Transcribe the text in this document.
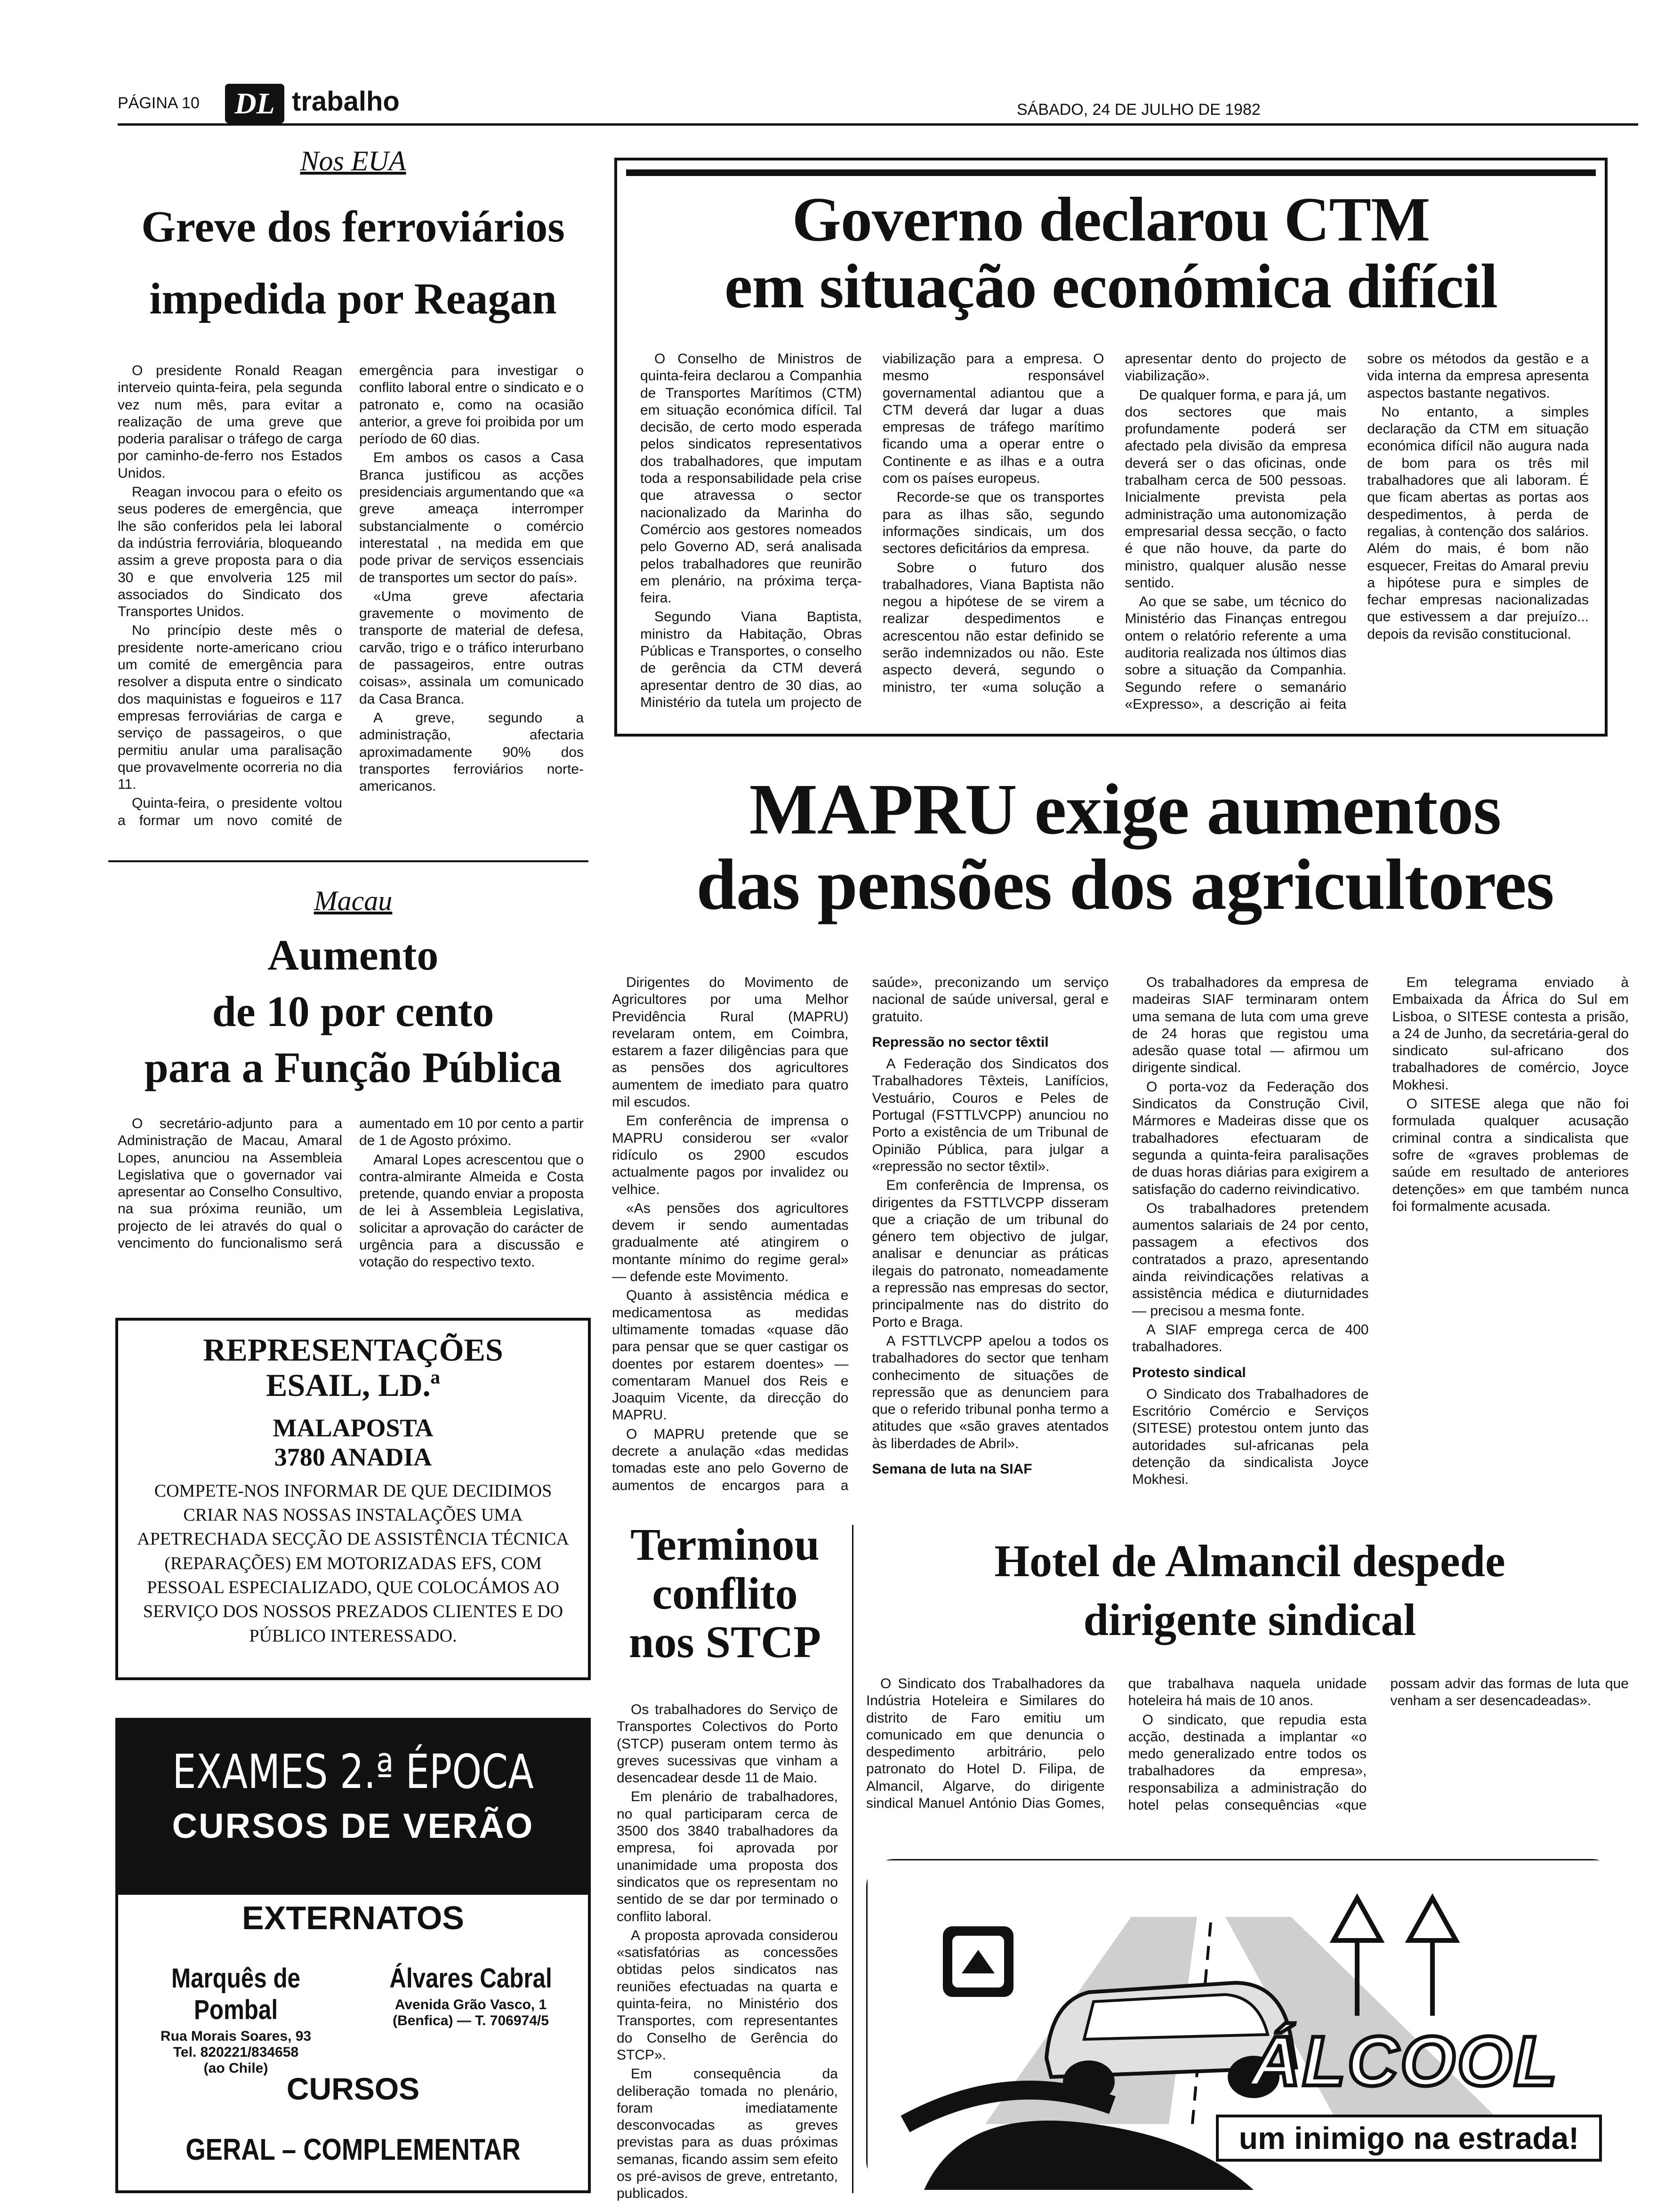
PÁGINA 10	DL trabalho	SÁBADO, 24 DE JULHO DE 1982
Nos EUA
Greve dos ferroviários
impedida por Reagan

O presidente Ronald Reagan interveio quinta-feira, pela segunda vez num mês, para evitar a realização de uma greve que poderia paralisar o tráfego de carga por caminho-de-ferro nos Estados Unidos.

Reagan invocou para o efeito os seus poderes de emergência, que lhe são conferidos pela lei laboral da indústria ferroviária, bloqueando assim a greve proposta para o dia 30 e que envolveria 125 mil associados do Sindicato dos Transportes Unidos.

No princípio deste mês o presidente norte-americano criou um comité de emergência para resolver a disputa entre o sindicato dos maquinistas e fogueiros e 117 empresas ferroviárias de carga e serviço de passageiros, o que permitiu anular uma paralisação que provavelmente ocorreria no dia 11.

Quinta-feira, o presidente voltou a formar um novo comité de emergência para investigar o conflito laboral entre o sindicato e o patronato e, como na ocasião anterior, a greve foi proibida por um período de 60 dias.

Em ambos os casos a Casa Branca justificou as acções presidenciais argumentando que «a greve ameaça interromper substancialmente o comércio interestatal , na medida em que pode privar de serviços essenciais de transportes um sector do país».

«Uma greve afectaria gravemente o movimento de transporte de material de defesa, carvão, trigo e o tráfico interurbano de passageiros, entre outras coisas», assinala um comunicado da Casa Branca.

A greve, segundo a administração, afectaria aproximadamente 90% dos transportes ferroviários norte-americanos.

Governo declarou CTM
em situação económica difícil

O Conselho de Ministros de quinta-feira declarou a Companhia de Transportes Marítimos (CTM) em situação económica difícil. Tal decisão, de certo modo esperada pelos sindicatos representativos dos trabalhadores, que imputam toda a responsabilidade pela crise que atravessa o sector nacionalizado da Marinha do Comércio aos gestores nomeados pelo Governo AD, será analisada pelos trabalhadores que reunirão em plenário, na próxima terça-feira.

Segundo Viana Baptista, ministro da Habitação, Obras Públicas e Transportes, o conselho de gerência da CTM deverá apresentar dentro de 30 dias, ao Ministério da tutela um projecto de viabilização para a empresa. O mesmo responsável governamental adiantou que a CTM deverá dar lugar a duas empresas de tráfego marítimo ficando uma a operar entre o Continente e as ilhas e a outra com os países europeus.

Recorde-se que os transportes para as ilhas são, segundo informações sindicais, um dos sectores deficitários da empresa.

Sobre o futuro dos trabalhadores, Viana Baptista não negou a hipótese de se virem a realizar despedimentos e acrescentou não estar definido se serão indemnizados ou não. Este aspecto deverá, segundo o ministro, ter «uma solução a apresentar dento do projecto de viabilização».

De qualquer forma, e para já, um dos sectores que mais profundamente poderá ser afectado pela divisão da empresa deverá ser o das oficinas, onde trabalham cerca de 500 pessoas. Inicialmente prevista pela administração uma autonomização empresarial dessa secção, o facto é que não houve, da parte do ministro, qualquer alusão nesse sentido.

Ao que se sabe, um técnico do Ministério das Finanças entregou ontem o relatório referente a uma auditoria realizada nos últimos dias sobre a situação da Companhia. Segundo refere o semanário «Expresso», a descrição ai feita sobre os métodos da gestão e a vida interna da empresa apresenta aspectos bastante negativos.

No entanto, a simples declaração da CTM em situação económica difícil não augura nada de bom para os três mil trabalhadores que ali laboram. É que ficam abertas as portas aos despedimentos, à perda de regalias, à contenção dos salários. Além do mais, é bom não esquecer, Freitas do Amaral previu a hipótese pura e simples de fechar empresas nacionalizadas que estivessem a dar prejuízo... depois da revisão constitucional.

Macau
Aumento
de 10 por cento
para a Função Pública

O secretário-adjunto para a Administração de Macau, Amaral Lopes, anunciou na Assembleia Legislativa que o governador vai apresentar ao Conselho Consultivo, na sua próxima reunião, um projecto de lei através do qual o vencimento do funcionalismo será aumentado em 10 por cento a partir de 1 de Agosto próximo.

Amaral Lopes acrescentou que o contra-almirante Almeida e Costa pretende, quando enviar a proposta de lei à Assembleia Legislativa, solicitar a aprovação do carácter de urgência para a discussão e votação do respectivo texto.

REPRESENTAÇÕES
ESAIL, LD.ª
MALAPOSTA
3780 ANADIA
COMPETE-NOS INFORMAR DE QUE DECIDIMOS CRIAR NAS NOSSAS INSTALAÇÕES UMA APETRECHADA SECÇÃO DE ASSISTÊNCIA TÉCNICA (REPARAÇÕES) EM MOTORIZADAS EFS, COM PESSOAL ESPECIALIZADO, QUE COLOCÁMOS AO SERVIÇO DOS NOSSOS PREZADOS CLIENTES E DO PÚBLICO INTERESSADO.
EXAMES 2.ª ÉPOCA
CURSOS DE VERÃO
EXTERNATOS
Marquês de Pombal
Rua Morais Soares, 93
Tel. 820221/834658
(ao Chile)
Álvares Cabral
Avenida Grão Vasco, 1
(Benfica) — T. 706974/5
CURSOS
GERAL – COMPLEMENTAR
MAPRU exige aumentos
das pensões dos agricultores

Dirigentes do Movimento de Agricultores por uma Melhor Previdência Rural (MAPRU) revelaram ontem, em Coimbra, estarem a fazer diligências para que as pensões dos agricultores aumentem de imediato para quatro mil escudos.

Em conferência de imprensa o MAPRU considerou ser «valor ridículo os 2900 escudos actualmente pagos por invalidez ou velhice.

«As pensões dos agricultores devem ir sendo aumentadas gradualmente até atingirem o montante mínimo do regime geral» — defende este Movimento.

Quanto à assistência médica e medicamentosa as medidas ultimamente tomadas «quase dão para pensar que se quer castigar os doentes por estarem doentes» — comentaram Manuel dos Reis e Joaquim Vicente, da direcção do MAPRU.

O MAPRU pretende que se decrete a anulação «das medidas tomadas este ano pelo Governo de aumentos de encargos para a saúde», preconizando um serviço nacional de saúde universal, geral e gratuito.

Repressão no sector têxtil

A Federação dos Sindicatos dos Trabalhadores Têxteis, Lanifícios, Vestuário, Couros e Peles de Portugal (FSTTLVCPP) anunciou no Porto a existência de um Tribunal de Opinião Pública, para julgar a «repressão no sector têxtil».

Em conferência de Imprensa, os dirigentes da FSTTLVCPP disseram que a criação de um tribunal do género tem objectivo de julgar, analisar e denunciar as práticas ilegais do patronato, nomeadamente a repressão nas empresas do sector, principalmente nas do distrito do Porto e Braga.

A FSTTLVCPP apelou a todos os trabalhadores do sector que tenham conhecimento de situações de repressão que as denunciem para que o referido tribunal ponha termo a atitudes que «são graves atentados às liberdades de Abril».

Semana de luta na SIAF

Os trabalhadores da empresa de madeiras SIAF terminaram ontem uma semana de luta com uma greve de 24 horas que registou uma adesão quase total — afirmou um dirigente sindical.

O porta-voz da Federação dos Sindicatos da Construção Civil, Mármores e Madeiras disse que os trabalhadores efectuaram de segunda a quinta-feira paralisações de duas horas diárias para exigirem a satisfação do caderno reivindicativo.

Os trabalhadores pretendem aumentos salariais de 24 por cento, passagem a efectivos dos contratados a prazo, apresentando ainda reivindicações relativas a assistência médica e diuturnidades — precisou a mesma fonte.

A SIAF emprega cerca de 400 trabalhadores.

Protesto sindical

O Sindicato dos Trabalhadores de Escritório Comércio e Serviços (SITESE) protestou ontem junto das autoridades sul-africanas pela detenção da sindicalista Joyce Mokhesi.

Em telegrama enviado à Embaixada da África do Sul em Lisboa, o SITESE contesta a prisão, a 24 de Junho, da secretária-geral do sindicato sul-africano dos trabalhadores de comércio, Joyce Mokhesi.

O SITESE alega que não foi formulada qualquer acusação criminal contra a sindicalista que sofre de «graves problemas de saúde em resultado de anteriores detenções» em que também nunca foi formalmente acusada.

Terminou
conflito
nos STCP

Os trabalhadores do Serviço de Transportes Colectivos do Porto (STCP) puseram ontem termo às greves sucessivas que vinham a desencadear desde 11 de Maio.

Em plenário de trabalhadores, no qual participaram cerca de 3500 dos 3840 trabalhadores da empresa, foi aprovada por unanimidade uma proposta dos sindicatos que os representam no sentido de se dar por terminado o conflito laboral.

A proposta aprovada considerou «satisfatórias as concessões obtidas pelos sindicatos nas reuniões efectuadas na quarta e quinta-feira, no Ministério dos Transportes, com representantes do Conselho de Gerência do STCP».

Em consequência da deliberação tomada no plenário, foram imediatamente desconvocadas as greves previstas para as duas próximas semanas, ficando assim sem efeito os pré-avisos de greve, entretanto, publicados.

Hotel de Almancil despede
dirigente sindical

O Sindicato dos Trabalhadores da Indústria Hoteleira e Similares do distrito de Faro emitiu um comunicado em que denuncia o despedimento arbitrário, pelo patronato do Hotel D. Filipa, de Almancil, Algarve, do dirigente sindical Manuel António Dias Gomes, que trabalhava naquela unidade hoteleira há mais de 10 anos.

O sindicato, que repudia esta acção, destinada a implantar «o medo generalizado entre todos os trabalhadores da empresa», responsabiliza a administração do hotel pelas consequências «que possam advir das formas de luta que venham a ser desencadeadas».

ÁLCOOL
um inimigo na estrada!
